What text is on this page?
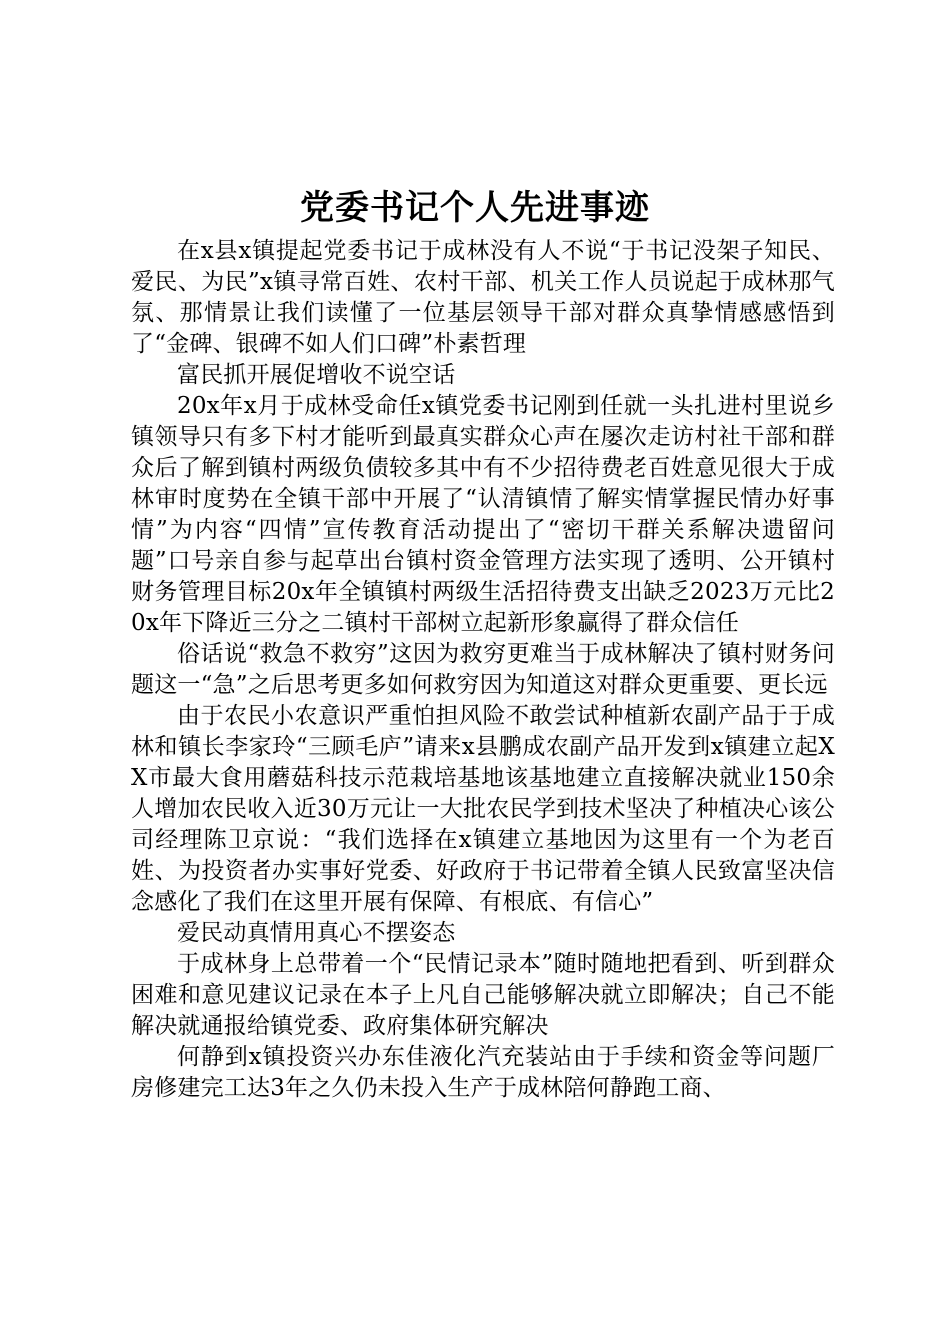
党委书记个人先进事迹

在x县x镇提起党委书记于成林没有人不说“于书记没架子知民、爱民、为民”x镇寻常百姓、农村干部、机关工作人员说起于成林那气氛、那情景让我们读懂了一位基层领导干部对群众真挚情感感悟到了“金碑、银碑不如人们口碑”朴素哲理

富民抓开展促增收不说空话

20x年x月于成林受命任x镇党委书记刚到任就一头扎进村里说乡镇领导只有多下村才能听到最真实群众心声在屡次走访村社干部和群众后了解到镇村两级负债较多其中有不少招待费老百姓意见很大于成林审时度势在全镇干部中开展了“认清镇情了解实情掌握民情办好事情”为内容“四情”宣传教育活动提出了“密切干群关系解决遗留问题”口号亲自参与起草出台镇村资金管理方法实现了透明、公开镇村财务管理目标20x年全镇镇村两级生活招待费支出缺乏2023万元比20x年下降近三分之二镇村干部树立起新形象赢得了群众信任

俗话说“救急不救穷”这因为救穷更难当于成林解决了镇村财务问题这一“急”之后思考更多如何救穷因为知道这对群众更重要、更长远

由于农民小农意识严重怕担风险不敢尝试种植新农副产品于于成林和镇长李家玲“三顾毛庐”请来x县鹏成农副产品开发到x镇建立起XX市最大食用蘑菇科技示范栽培基地该基地建立直接解决就业150余人增加农民收入近30万元让一大批农民学到技术坚决了种植决心该公司经理陈卫京说：“我们选择在x镇建立基地因为这里有一个为老百姓、为投资者办实事好党委、好政府于书记带着全镇人民致富坚决信念感化了我们在这里开展有保障、有根底、有信心”

爱民动真情用真心不摆姿态

于成林身上总带着一个“民情记录本”随时随地把看到、听到群众困难和意见建议记录在本子上凡自己能够解决就立即解决；自己不能解决就通报给镇党委、政府集体研究解决

何静到x镇投资兴办东佳液化汽充装站由于手续和资金等问题厂房修建完工达3年之久仍未投入生产于成林陪何静跑工商、
